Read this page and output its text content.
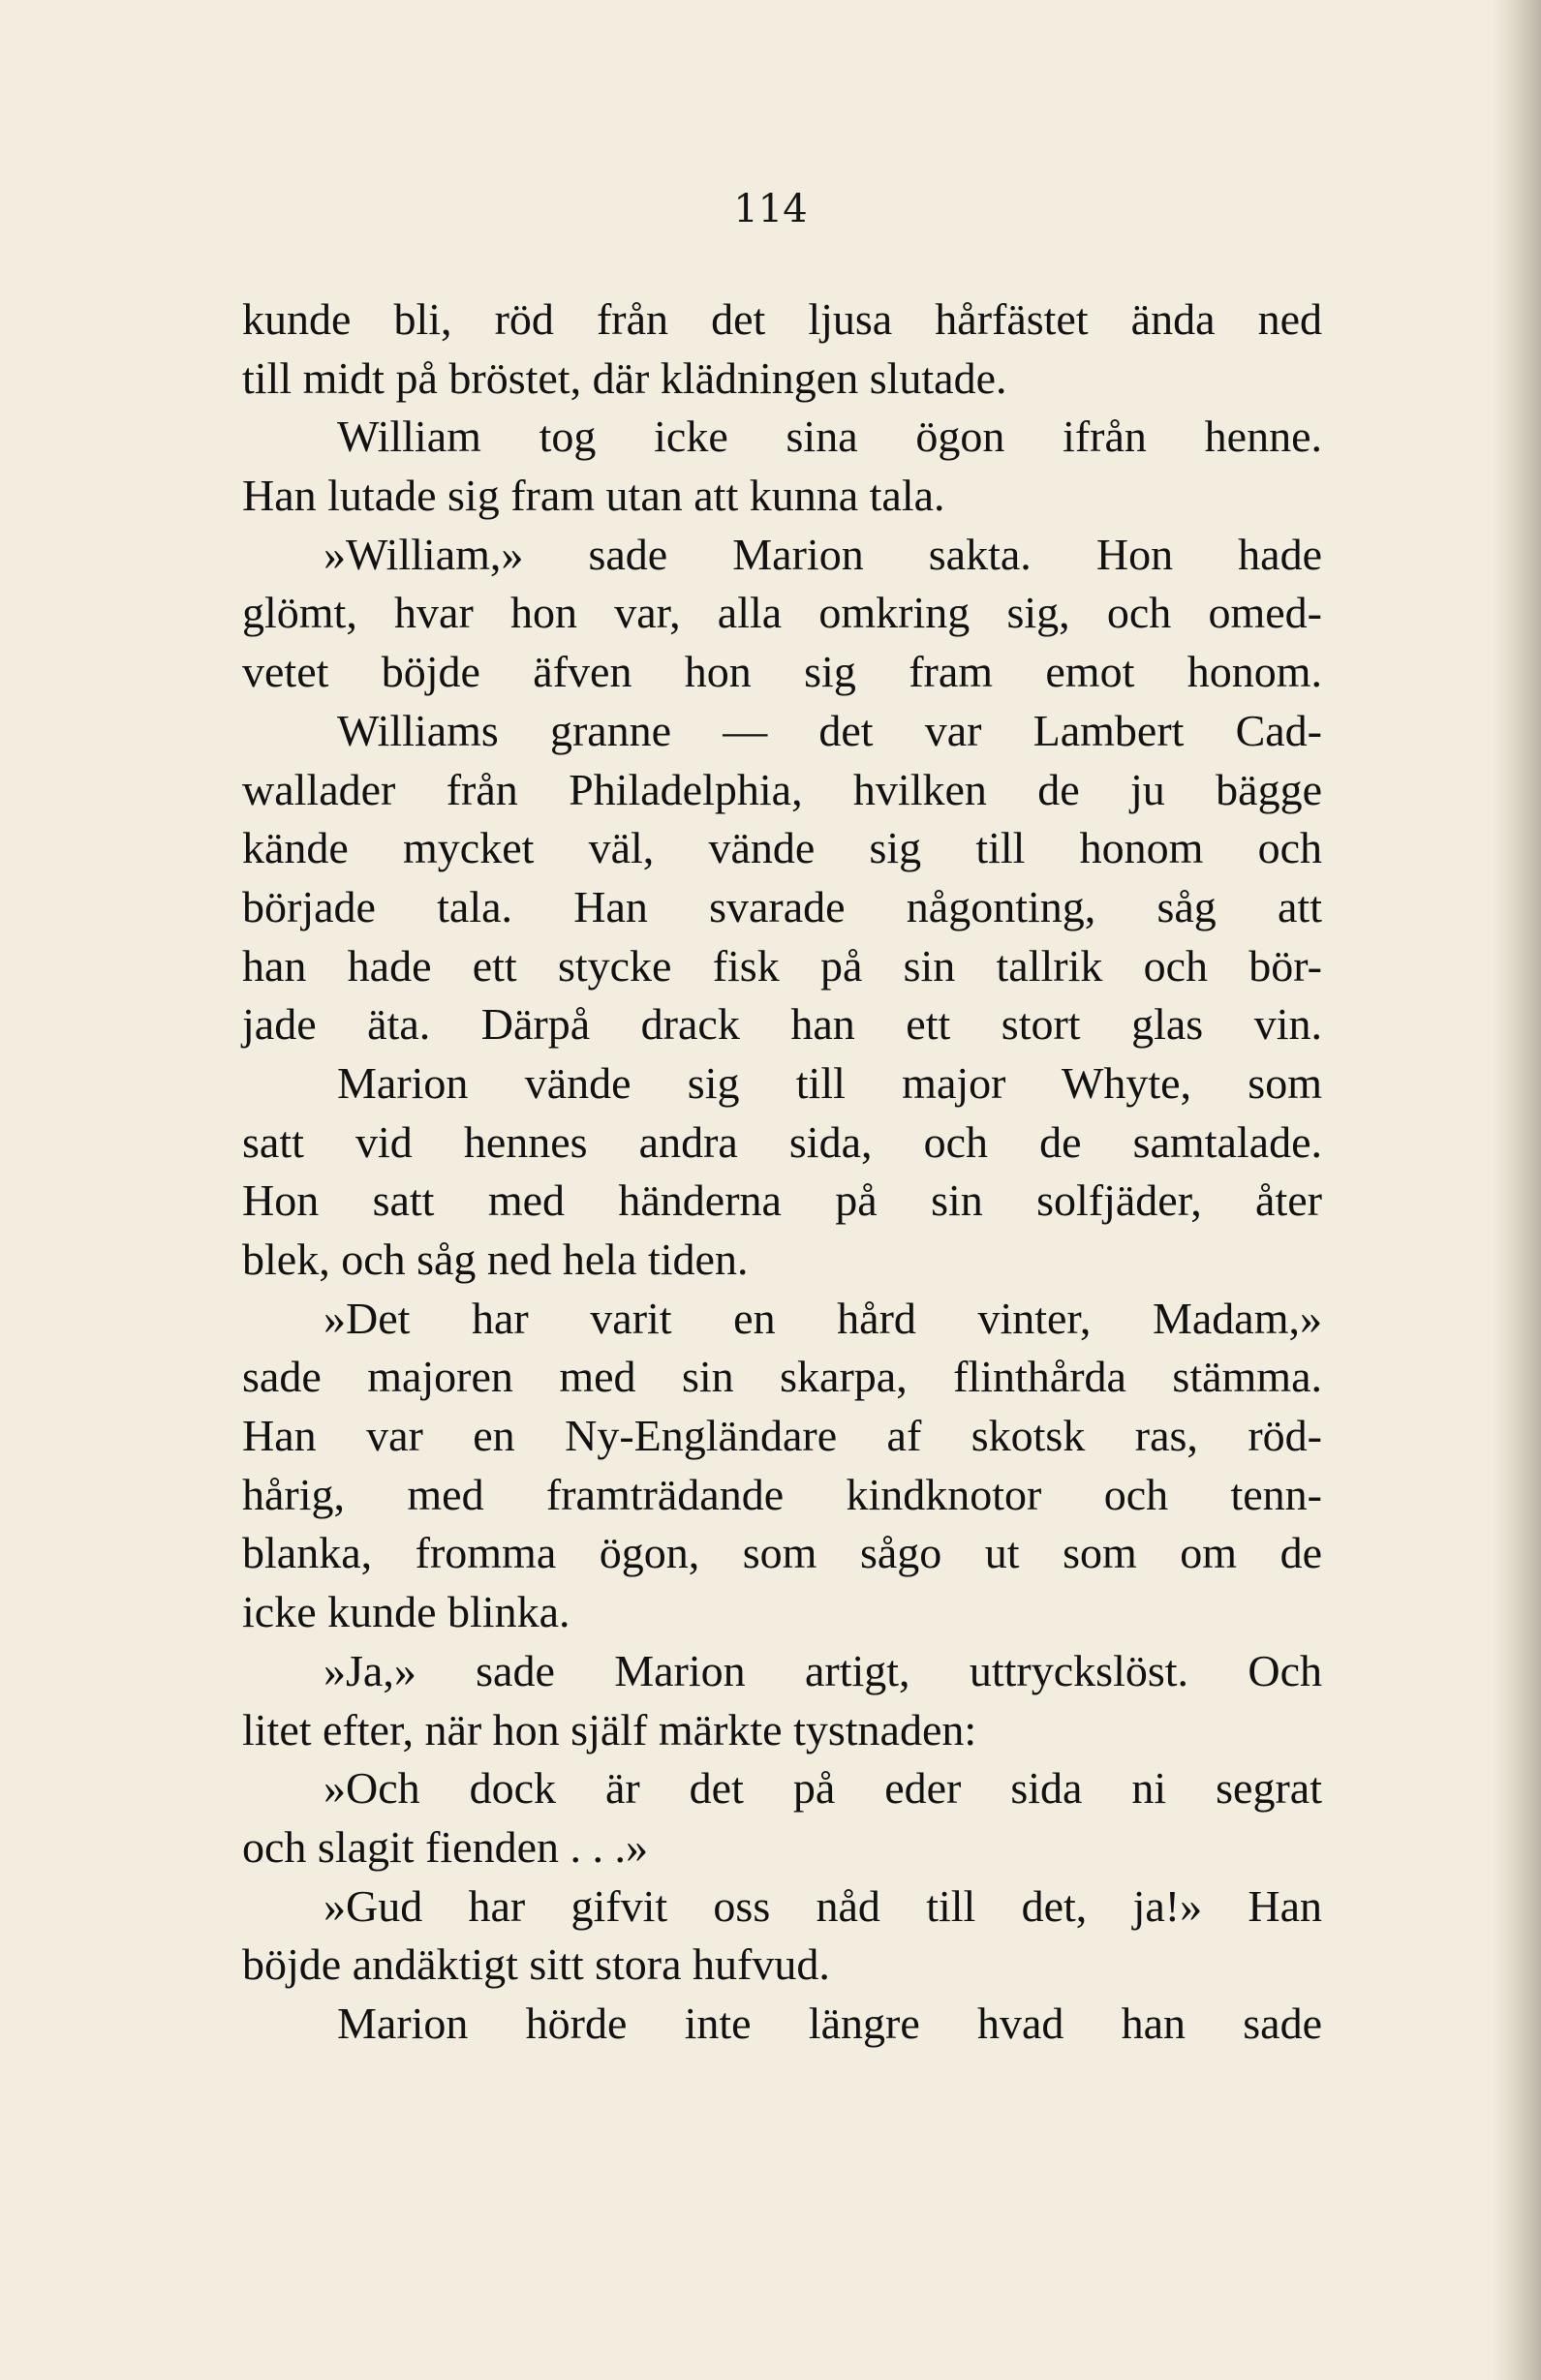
114
kunde bli, röd från det ljusa hårfästet ända ned
till midt på bröstet, där klädningen slutade.
William tog icke sina ögon ifrån henne.
Han lutade sig fram utan att kunna tala.
»William,» sade Marion sakta. Hon hade
glömt, hvar hon var, alla omkring sig, och omed-
vetet böjde äfven hon sig fram emot honom.
Williams granne — det var Lambert Cad-
wallader från Philadelphia, hvilken de ju bägge
kände mycket väl, vände sig till honom och
började tala. Han svarade någonting, såg att
han hade ett stycke fisk på sin tallrik och bör-
jade äta. Därpå drack han ett stort glas vin.
Marion vände sig till major Whyte, som
satt vid hennes andra sida, och de samtalade.
Hon satt med händerna på sin solfjäder, åter
blek, och såg ned hela tiden.
»Det har varit en hård vinter, Madam,»
sade majoren med sin skarpa, flinthårda stämma.
Han var en Ny-Engländare af skotsk ras, röd-
hårig, med framträdande kindknotor och tenn-
blanka, fromma ögon, som sågo ut som om de
icke kunde blinka.
»Ja,» sade Marion artigt, uttryckslöst. Och
litet efter, när hon själf märkte tystnaden:
»Och dock är det på eder sida ni segrat
och slagit fienden . . .»
»Gud har gifvit oss nåd till det, ja!» Han
böjde andäktigt sitt stora hufvud.
Marion hörde inte längre hvad han sade
